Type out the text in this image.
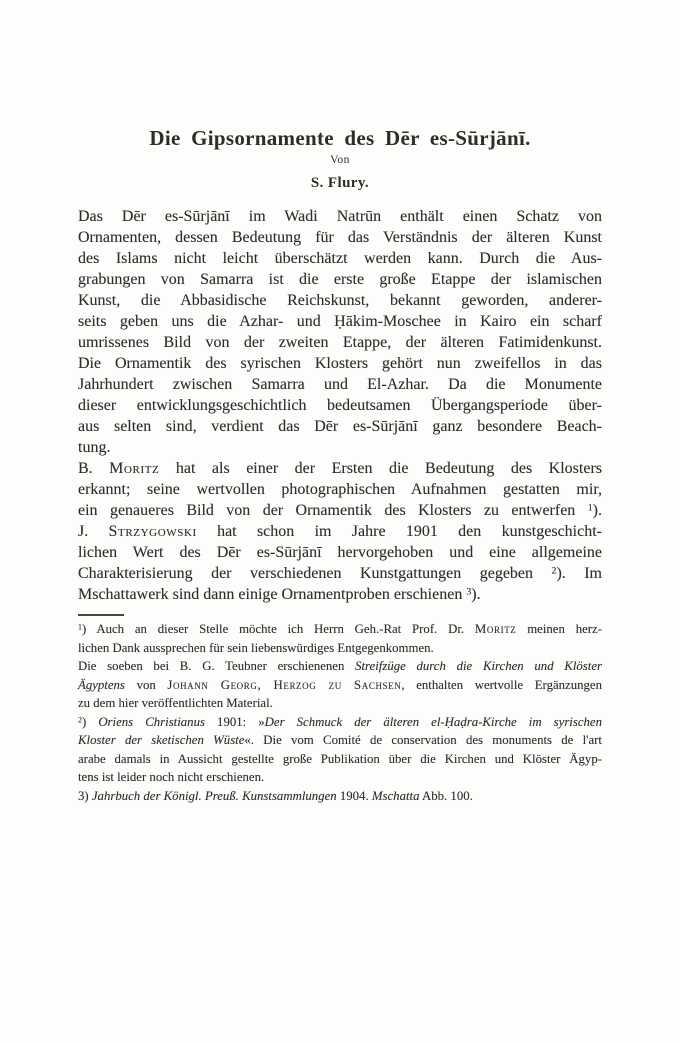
Die Gipsornamente des Dēr es-Sūrjānī.
Von
S. Flury.
Das Dēr es-Sūrjānī im Wadi Natrūn enthält einen Schatz von
Ornamenten, dessen Bedeutung für das Verständnis der älteren Kunst
des Islams nicht leicht überschätzt werden kann. Durch die Aus-
grabungen von Samarra ist die erste große Etappe der islamischen
Kunst, die Abbasidische Reichskunst, bekannt geworden, anderer-
seits geben uns die Azhar- und Ḥākim-Moschee in Kairo ein scharf
umrissenes Bild von der zweiten Etappe, der älteren Fatimidenkunst.
Die Ornamentik des syrischen Klosters gehört nun zweifellos in das
Jahrhundert zwischen Samarra und El-Azhar. Da die Monumente
dieser entwicklungsgeschichtlich bedeutsamen Übergangsperiode über-
aus selten sind, verdient das Dēr es-Sūrjānī ganz besondere Beach-
tung.
B. Moritz hat als einer der Ersten die Bedeutung des Klosters
erkannt; seine wertvollen photographischen Aufnahmen gestatten mir,
ein genaueres Bild von der Ornamentik des Klosters zu entwerfen $^1$).
J. Strzygowski hat schon im Jahre 1901 den kunstgeschicht-
lichen Wert des Dēr es-Sūrjānī hervorgehoben und eine allgemeine
Charakterisierung der verschiedenen Kunstgattungen gegeben $^2$). Im
Mschattawerk sind dann einige Ornamentproben erschienen $^3$).
$^1$) Auch an dieser Stelle möchte ich Herrn Geh.-Rat Prof. Dr. Moritz meinen herz-
lichen Dank aussprechen für sein liebenswürdiges Entgegenkommen.
Die soeben bei B. G. Teubner erschienenen Streifzüge durch die Kirchen und Klöster
Ägyptens von Johann Georg, Herzog zu Sachsen, enthalten wertvolle Ergänzungen
zu dem hier veröffentlichten Material.
$^2$) Oriens Christianus 1901: »Der Schmuck der älteren el-Ḥaḍra-Kirche im syrischen
Kloster der sketischen Wüste«. Die vom Comité de conservation des monuments de l'art
arabe damals in Aussicht gestellte große Publikation über die Kirchen und Klöster Ägyp-
tens ist leider noch nicht erschienen.
3) Jahrbuch der Königl. Preuß. Kunstsammlungen 1904. Mschatta Abb. 100.
